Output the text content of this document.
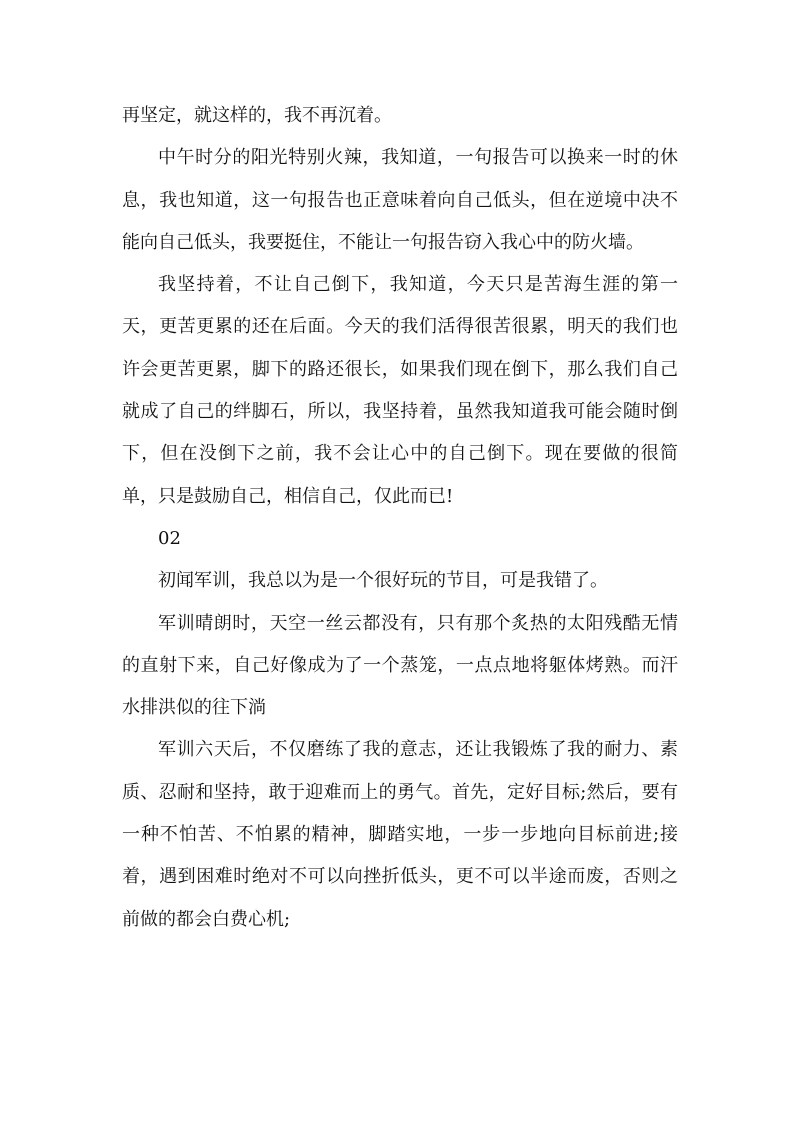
再坚定，就这样的，我不再沉着。

中午时分的阳光特别火辣，我知道，一句报告可以换来一时的休息，我也知道，这一句报告也正意味着向自己低头，但在逆境中决不能向自己低头，我要挺住，不能让一句报告窃入我心中的防火墙。

我坚持着，不让自己倒下，我知道，今天只是苦海生涯的第一天，更苦更累的还在后面。今天的我们活得很苦很累，明天的我们也许会更苦更累，脚下的路还很长，如果我们现在倒下，那么我们自己就成了自己的绊脚石，所以，我坚持着，虽然我知道我可能会随时倒下，但在没倒下之前，我不会让心中的自己倒下。现在要做的很简单，只是鼓励自己，相信自己，仅此而已!

02

初闻军训，我总以为是一个很好玩的节目，可是我错了。

军训晴朗时，天空一丝云都没有，只有那个炙热的太阳残酷无情的直射下来，自己好像成为了一个蒸笼，一点点地将躯体烤熟。而汗水排洪似的往下淌

军训六天后，不仅磨练了我的意志，还让我锻炼了我的耐力、素质、忍耐和坚持，敢于迎难而上的勇气。首先，定好目标;然后，要有一种不怕苦、不怕累的精神，脚踏实地，一步一步地向目标前进;接着，遇到困难时绝对不可以向挫折低头，更不可以半途而废，否则之前做的都会白费心机;
